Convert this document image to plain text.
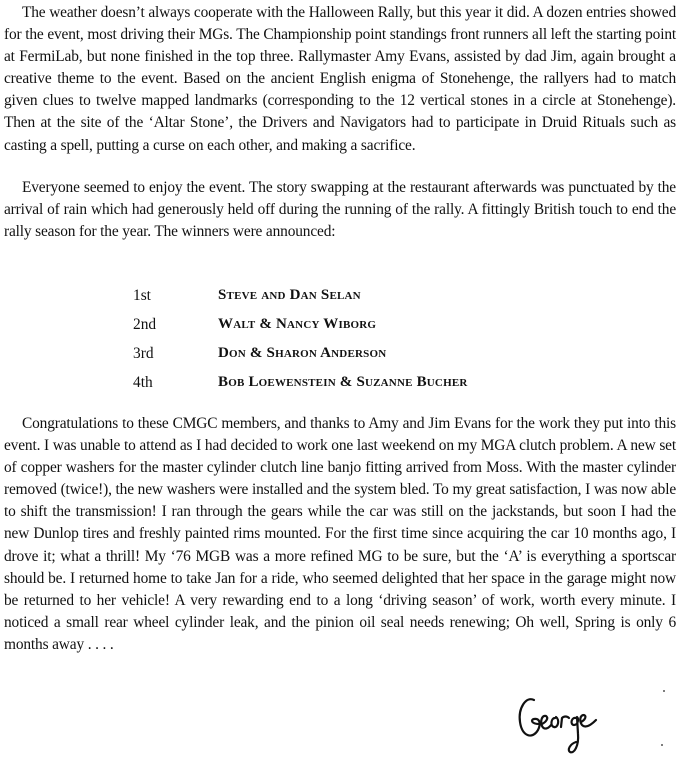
The weather doesn’t always cooperate with the Halloween Rally, but this year it did. A dozen entries showed for the event, most driving their MGs. The Championship point standings front runners all left the starting point at FermiLab, but none finished in the top three. Rallymaster Amy Evans, assisted by dad Jim, again brought a creative theme to the event. Based on the ancient English enigma of Stonehenge, the rallyers had to match given clues to twelve mapped landmarks (corresponding to the 12 vertical stones in a circle at Stonehenge). Then at the site of the ‘Altar Stone’, the Drivers and Navigators had to participate in Druid Rituals such as casting a spell, putting a curse on each other, and making a sacrifice.

Everyone seemed to enjoy the event. The story swapping at the restaurant afterwards was punctuated by the arrival of rain which had generously held off during the running of the rally. A fittingly British touch to end the rally season for the year. The winners were announced:

1st	Steve and Dan Selan
2nd	Walt & Nancy Wiborg
3rd	Don & Sharon Anderson
4th	Bob Loewenstein & Suzanne Bucher

Congratulations to these CMGC members, and thanks to Amy and Jim Evans for the work they put into this event. I was unable to attend as I had decided to work one last weekend on my MGA clutch problem. A new set of copper washers for the master cylinder clutch line banjo fitting arrived from Moss. With the master cylinder removed (twice!), the new washers were installed and the system bled. To my great satisfaction, I was now able to shift the transmission! I ran through the gears while the car was still on the jackstands, but soon I had the new Dunlop tires and freshly painted rims mounted. For the first time since acquiring the car 10 months ago, I drove it; what a thrill! My ‘76 MGB was a more refined MG to be sure, but the ‘A’ is everything a sportscar should be. I returned home to take Jan for a ride, who seemed delighted that her space in the garage might now be returned to her vehicle! A very rewarding end to a long ‘driving season’ of work, worth every minute. I noticed a small rear wheel cylinder leak, and the pinion oil seal needs renewing; Oh well, Spring is only 6 months away . . . .
